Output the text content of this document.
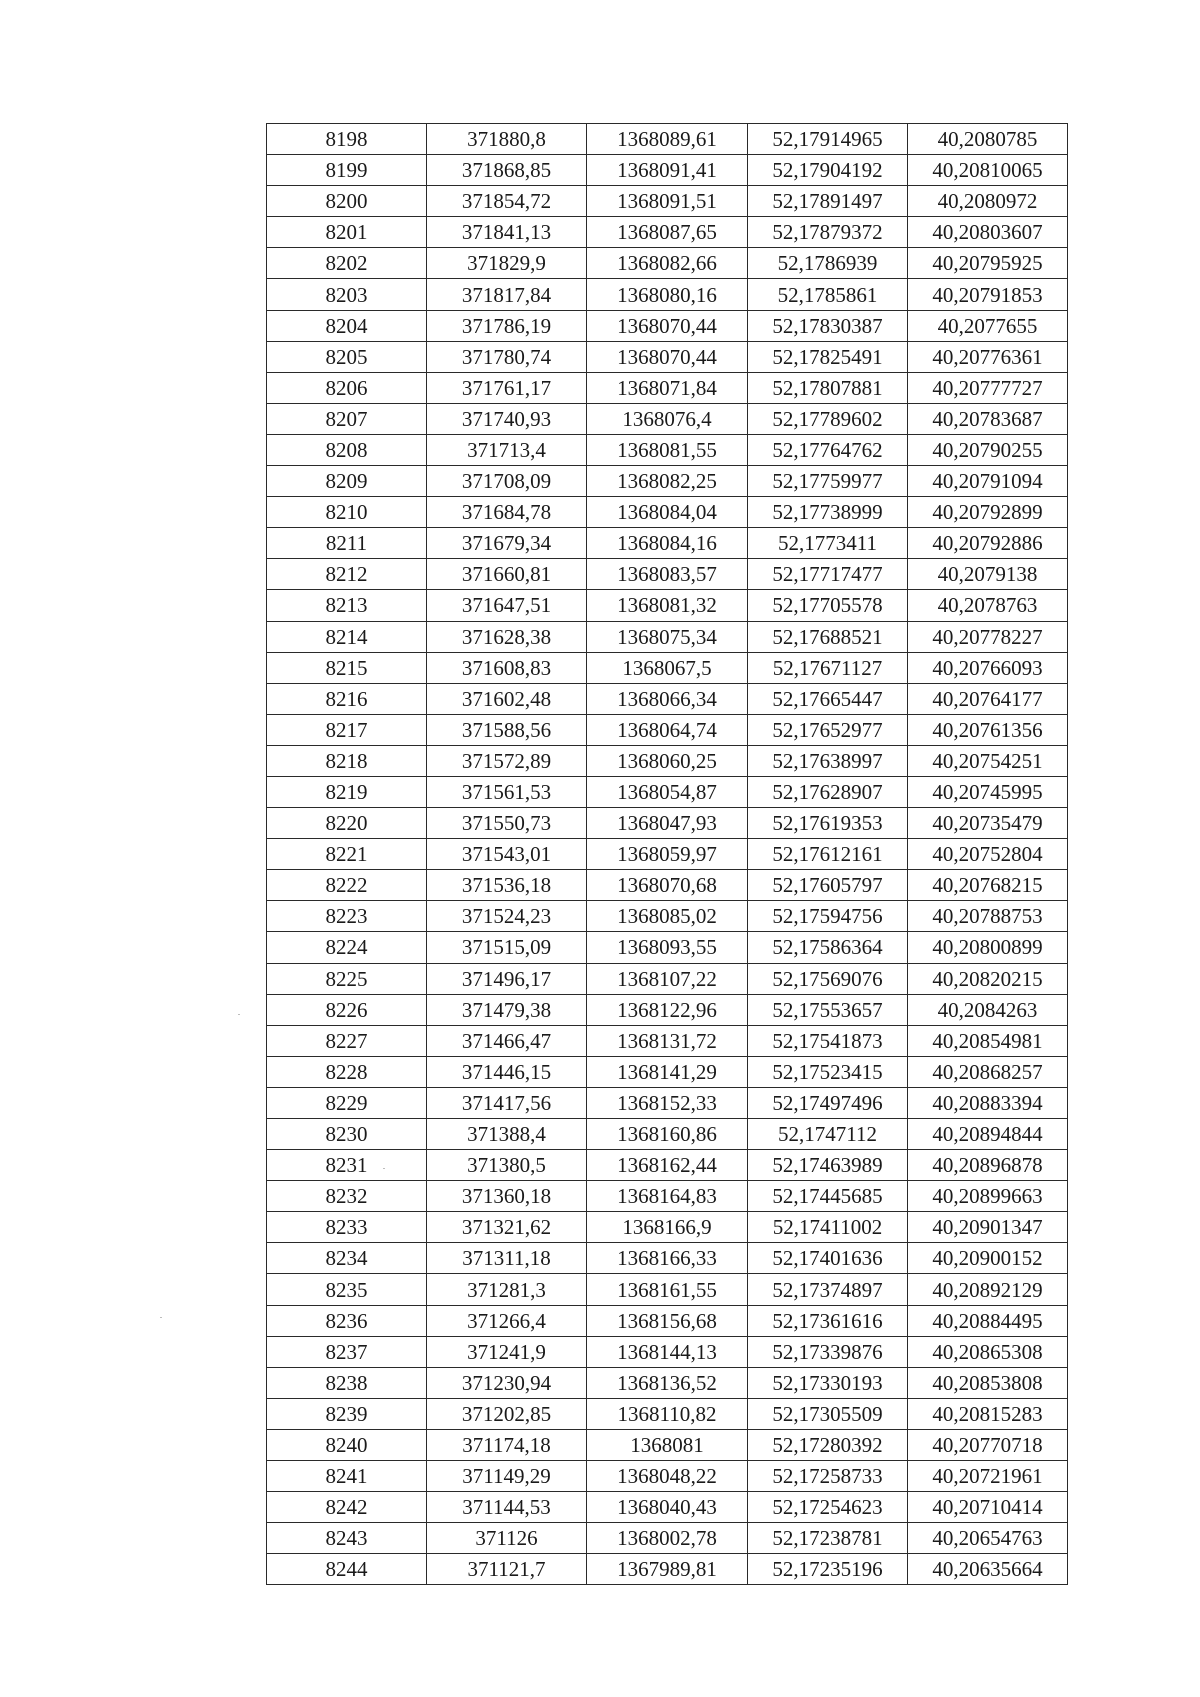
8198	371880,8	1368089,61	52,17914965	40,2080785
8199	371868,85	1368091,41	52,17904192	40,20810065
8200	371854,72	1368091,51	52,17891497	40,2080972
8201	371841,13	1368087,65	52,17879372	40,20803607
8202	371829,9	1368082,66	52,1786939	40,20795925
8203	371817,84	1368080,16	52,1785861	40,20791853
8204	371786,19	1368070,44	52,17830387	40,2077655
8205	371780,74	1368070,44	52,17825491	40,20776361
8206	371761,17	1368071,84	52,17807881	40,20777727
8207	371740,93	1368076,4	52,17789602	40,20783687
8208	371713,4	1368081,55	52,17764762	40,20790255
8209	371708,09	1368082,25	52,17759977	40,20791094
8210	371684,78	1368084,04	52,17738999	40,20792899
8211	371679,34	1368084,16	52,1773411	40,20792886
8212	371660,81	1368083,57	52,17717477	40,2079138
8213	371647,51	1368081,32	52,17705578	40,2078763
8214	371628,38	1368075,34	52,17688521	40,20778227
8215	371608,83	1368067,5	52,17671127	40,20766093
8216	371602,48	1368066,34	52,17665447	40,20764177
8217	371588,56	1368064,74	52,17652977	40,20761356
8218	371572,89	1368060,25	52,17638997	40,20754251
8219	371561,53	1368054,87	52,17628907	40,20745995
8220	371550,73	1368047,93	52,17619353	40,20735479
8221	371543,01	1368059,97	52,17612161	40,20752804
8222	371536,18	1368070,68	52,17605797	40,20768215
8223	371524,23	1368085,02	52,17594756	40,20788753
8224	371515,09	1368093,55	52,17586364	40,20800899
8225	371496,17	1368107,22	52,17569076	40,20820215
8226	371479,38	1368122,96	52,17553657	40,2084263
8227	371466,47	1368131,72	52,17541873	40,20854981
8228	371446,15	1368141,29	52,17523415	40,20868257
8229	371417,56	1368152,33	52,17497496	40,20883394
8230	371388,4	1368160,86	52,1747112	40,20894844
8231	371380,5	1368162,44	52,17463989	40,20896878
8232	371360,18	1368164,83	52,17445685	40,20899663
8233	371321,62	1368166,9	52,17411002	40,20901347
8234	371311,18	1368166,33	52,17401636	40,20900152
8235	371281,3	1368161,55	52,17374897	40,20892129
8236	371266,4	1368156,68	52,17361616	40,20884495
8237	371241,9	1368144,13	52,17339876	40,20865308
8238	371230,94	1368136,52	52,17330193	40,20853808
8239	371202,85	1368110,82	52,17305509	40,20815283
8240	371174,18	1368081	52,17280392	40,20770718
8241	371149,29	1368048,22	52,17258733	40,20721961
8242	371144,53	1368040,43	52,17254623	40,20710414
8243	371126	1368002,78	52,17238781	40,20654763
8244	371121,7	1367989,81	52,17235196	40,20635664
